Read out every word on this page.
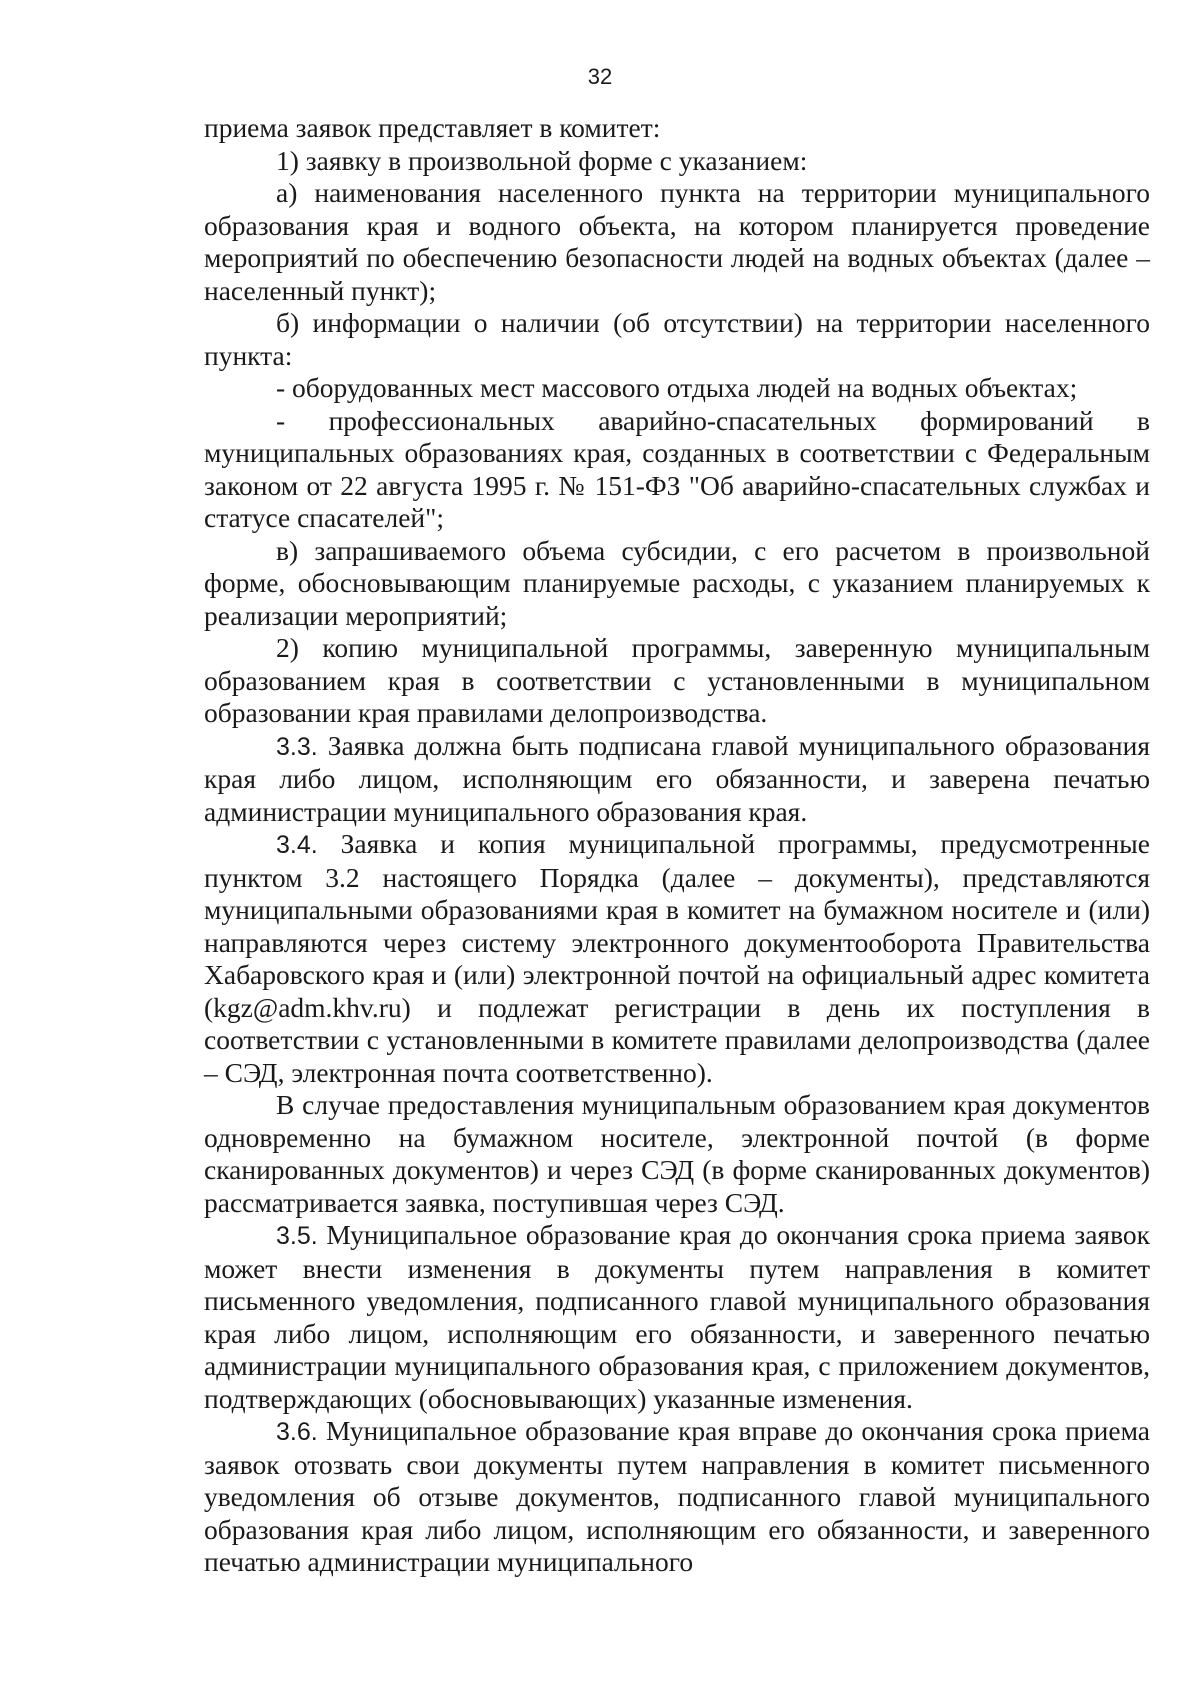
32

приема заявок представляет в комитет:

1) заявку в произвольной форме с указанием:

а) наименования населенного пункта на территории муниципального образования края и водного объекта, на котором планируется проведение мероприятий по обеспечению безопасности людей на водных объектах (далее – населенный пункт);

б) информации о наличии (об отсутствии) на территории населенного пункта:

- оборудованных мест массового отдыха людей на водных объектах;

- профессиональных аварийно-спасательных формирований в муниципальных образованиях края, созданных в соответствии с Федеральным законом от 22 августа 1995 г. № 151-ФЗ "Об аварийно-спасательных службах и статусе спасателей";

в) запрашиваемого объема субсидии, с его расчетом в произвольной форме, обосновывающим планируемые расходы, с указанием планируемых к реализации мероприятий;

2) копию муниципальной программы, заверенную муниципальным образованием края в соответствии с установленными в муниципальном образовании края правилами делопроизводства.

3.3. Заявка должна быть подписана главой муниципального образования края либо лицом, исполняющим его обязанности, и заверена печатью администрации муниципального образования края.

3.4. Заявка и копия муниципальной программы, предусмотренные пунктом 3.2 настоящего Порядка (далее – документы), представляются муниципальными образованиями края в комитет на бумажном носителе и (или) направляются через систему электронного документооборота Правительства Хабаровского края и (или) электронной почтой на официальный адрес комитета (kgz@adm.khv.ru) и подлежат регистрации в день их поступления в соответствии с установленными в комитете правилами делопроизводства (далее – СЭД, электронная почта соответственно).

В случае предоставления муниципальным образованием края документов одновременно на бумажном носителе, электронной почтой (в форме сканированных документов) и через СЭД (в форме сканированных документов) рассматривается заявка, поступившая через СЭД.

3.5. Муниципальное образование края до окончания срока приема заявок может внести изменения в документы путем направления в комитет письменного уведомления, подписанного главой муниципального образования края либо лицом, исполняющим его обязанности, и заверенного печатью администрации муниципального образования края, с приложением документов, подтверждающих (обосновывающих) указанные изменения.

3.6. Муниципальное образование края вправе до окончания срока приема заявок отозвать свои документы путем направления в комитет письменного уведомления об отзыве документов, подписанного главой муниципального образования края либо лицом, исполняющим его обязанности, и заверенного печатью администрации муниципального
